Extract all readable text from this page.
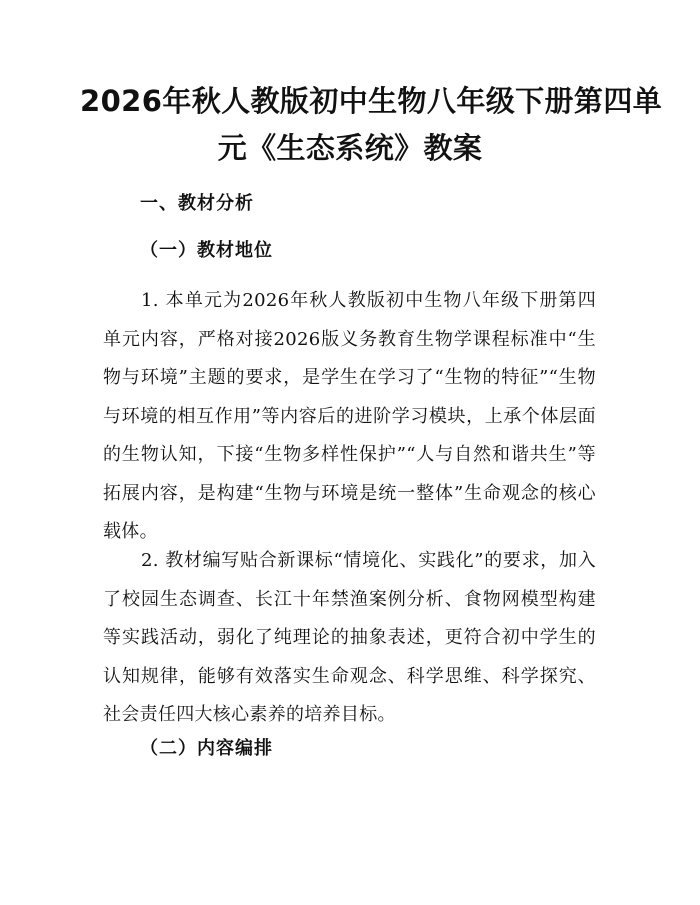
2026年秋人教版初中生物八年级下册第四单
元《生态系统》教案
一、教材分析
（一）教材地位

1. 本单元为2026年秋人教版初中生物八年级下册第四单元内容，严格对接2026版义务教育生物学课程标准中“生物与环境”主题的要求，是学生在学习了“生物的特征”“生物与环境的相互作用”等内容后的进阶学习模块，上承个体层面的生物认知，下接“生物多样性保护”“人与自然和谐共生”等拓展内容，是构建“生物与环境是统一整体”生命观念的核心载体。

2. 教材编写贴合新课标“情境化、实践化”的要求，加入了校园生态调查、长江十年禁渔案例分析、食物网模型构建等实践活动，弱化了纯理论的抽象表述，更符合初中学生的认知规律，能够有效落实生命观念、科学思维、科学探究、社会责任四大核心素养的培养目标。

（二）内容编排
